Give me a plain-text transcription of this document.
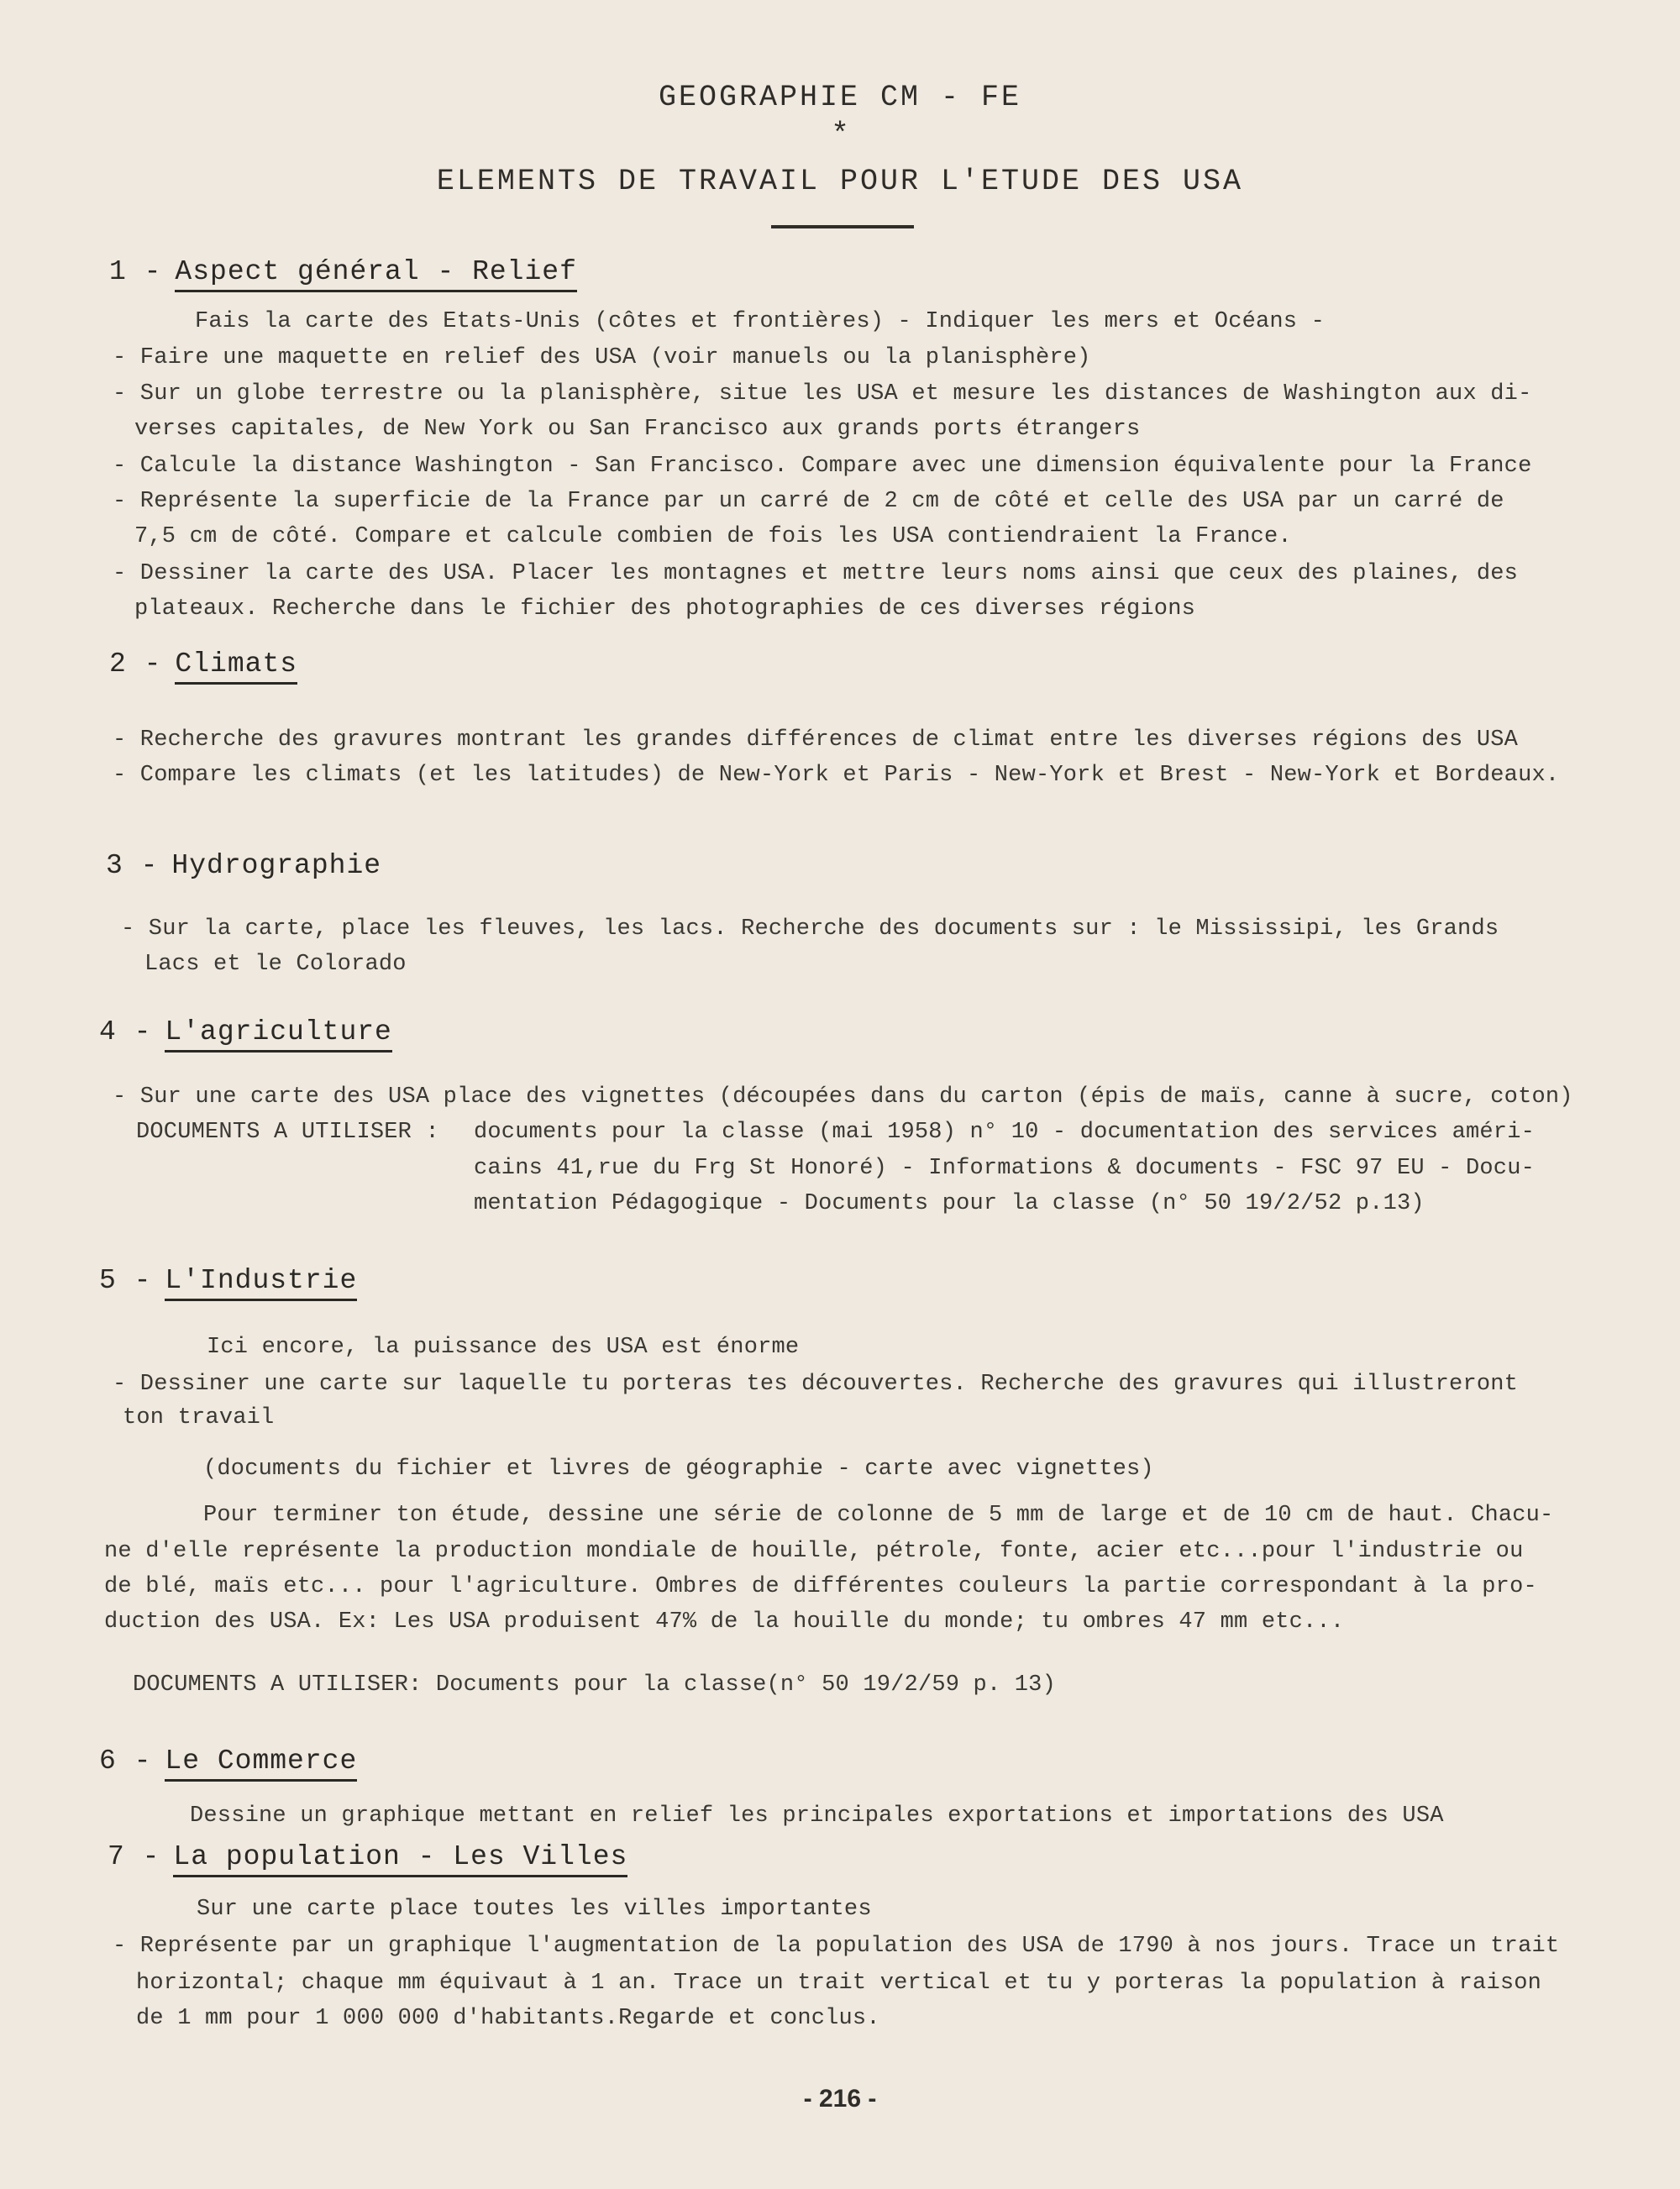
GEOGRAPHIE CM - FE
*
ELEMENTS DE TRAVAIL POUR L'ETUDE DES USA
1 - Aspect général - Relief
Fais la carte des Etats-Unis (côtes et frontières) - Indiquer les mers et Océans -
- Faire une maquette en relief des USA (voir manuels ou la planisphère)
- Sur un globe terrestre ou la planisphère, situe les USA et mesure les distances de Washington aux di-
verses capitales, de New York ou San Francisco aux grands ports étrangers
- Calcule la distance Washington - San Francisco. Compare avec une dimension équivalente pour la France
- Représente la superficie de la France par un carré de 2 cm de côté et celle des USA par un carré de
7,5 cm de côté. Compare et calcule combien de fois les USA contiendraient la France.
- Dessiner la carte des USA. Placer les montagnes et mettre leurs noms ainsi que ceux des plaines, des
plateaux. Recherche dans le fichier des photographies de ces diverses régions
2 - Climats
- Recherche des gravures montrant les grandes différences de climat entre les diverses régions des USA
- Compare les climats (et les latitudes) de New-York et Paris - New-York et Brest - New-York et Bordeaux.
3 - Hydrographie
- Sur la carte, place les fleuves, les lacs. Recherche des documents sur : le Mississipi, les Grands
Lacs et le Colorado
4 - L'agriculture
- Sur une carte des USA place des vignettes (découpées dans du carton (épis de maïs, canne à sucre, coton)
DOCUMENTS A UTILISER : documents pour la classe (mai 1958) n° 10 - documentation des services améri-
cains 41,rue du Frg St Honoré) - Informations & documents - FSC 97 EU - Docu-
mentation Pédagogique - Documents pour la classe (n° 50 19/2/52 p.13)
5 - L'Industrie
Ici encore, la puissance des USA est énorme
- Dessiner une carte sur laquelle tu porteras tes découvertes. Recherche des gravures qui illustreront
ton travail
(documents du fichier et livres de géographie - carte avec vignettes)
Pour terminer ton étude, dessine une série de colonne de 5 mm de large et de 10 cm de haut. Chacu-
ne d'elle représente la production mondiale de houille, pétrole, fonte, acier etc...pour l'industrie ou
de blé, maïs etc... pour l'agriculture. Ombres de différentes couleurs la partie correspondant à la pro-
duction des USA. Ex: Les USA produisent 47% de la houille du monde; tu ombres 47 mm etc...
DOCUMENTS A UTILISER: Documents pour la classe(n° 50 19/2/59 p. 13)
6 - Le Commerce
Dessine un graphique mettant en relief les principales exportations et importations des USA
7 - La population - Les Villes
Sur une carte place toutes les villes importantes
- Représente par un graphique l'augmentation de la population des USA de 1790 à nos jours. Trace un trait
horizontal; chaque mm équivaut à 1 an. Trace un trait vertical et tu y porteras la population à raison
de 1 mm pour 1 000 000 d'habitants.Regarde et conclus.
- 216 -
